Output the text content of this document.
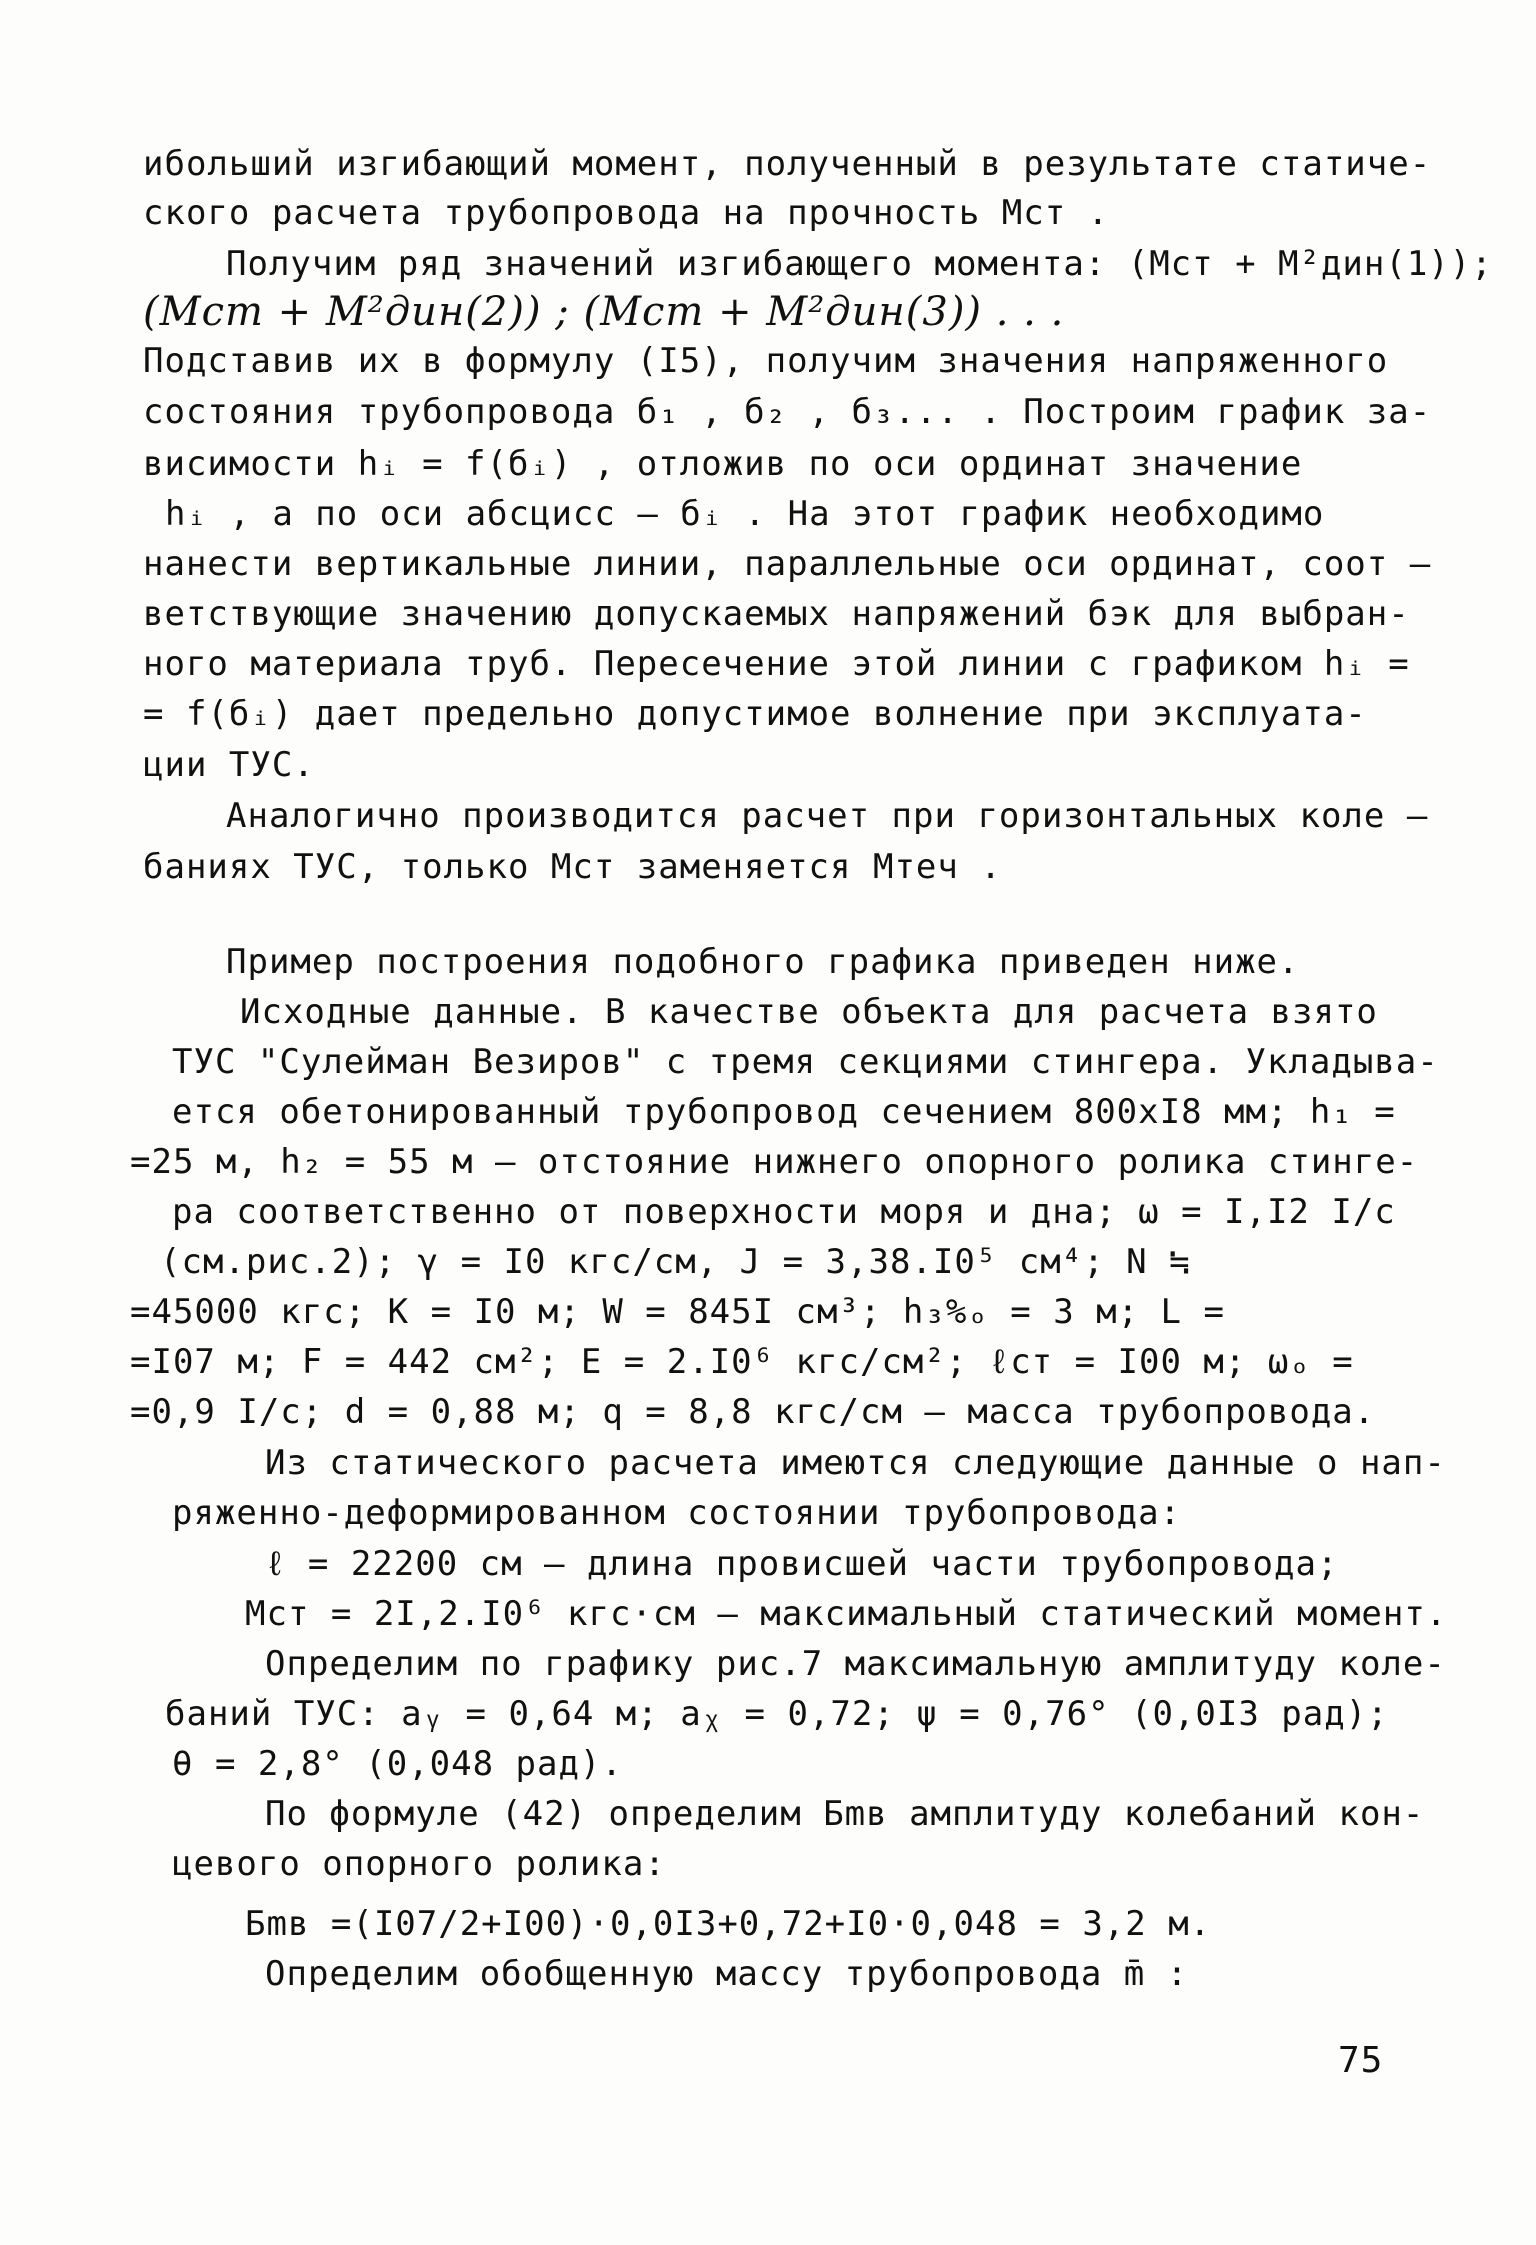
ибольший изгибающий момент, полученный в результате статиче-
ского расчета трубопровода на прочность Мст .
Получим ряд значений изгибающего момента: (Мст + М²дин(1));
(Мст + М²дин(2)) ; (Мст + М²дин(3)) . . .
Подставив их в формулу (I5), получим значения напряженного
состояния трубопровода б₁ , б₂ , б₃... . Построим график за-
висимости hᵢ = f(бᵢ) , отложив по оси ординат значение
hᵢ , а по оси абсцисс – бᵢ . На этот график необходимо
нанести вертикальные линии, параллельные оси ординат, соот –
ветствующие значению допускаемых напряжений бэк для выбран-
ного материала труб. Пересечение этой линии с графиком hᵢ =
= f(бᵢ) дает предельно допустимое волнение при эксплуата-
ции ТУС.
Аналогично производится расчет при горизонтальных коле –
баниях ТУС, только Мст заменяется Мтеч .
Пример построения подобного графика приведен ниже.
Исходные данные. В качестве объекта для расчета взято
ТУС "Сулейман Везиров" с тремя секциями стингера. Укладыва-
ется обетонированный трубопровод сечением 800хI8 мм; h₁ =
=25 м, h₂ = 55 м – отстояние нижнего опорного ролика стинге-
ра соответственно от поверхности моря и дна; ω = I,I2 I/c
(см.рис.2); γ = I0 кгс/см, J = 3,38.I0⁵ см⁴; N ≒
=45000 кгс; K = I0 м; W = 845I см³; h₃%ₒ = 3 м; L =
=I07 м; F = 442 см²; E = 2.I0⁶ кгс/см²; ℓст = I00 м; ωₒ =
=0,9 I/c; d = 0,88 м; q = 8,8 кгс/см – масса трубопровода.
Из статического расчета имеются следующие данные о нап-
ряженно-деформированном состоянии трубопровода:
ℓ = 22200 см – длина провисшей части трубопровода;
Мст = 2I,2.I0⁶ кгс·см – максимальный статический момент.
Определим по графику рис.7 максимальную амплитуду коле-
баний ТУС: aᵧ = 0,64 м; aᵪ = 0,72; ψ = 0,76° (0,0I3 рад);
θ = 2,8° (0,048 рад).
По формуле (42) определим Бmв амплитуду колебаний кон-
цевого опорного ролика:
Бmв =(I07/2+I00)·0,0I3+0,72+I0·0,048 = 3,2 м.
Определим обобщенную массу трубопровода m̄ :
75
